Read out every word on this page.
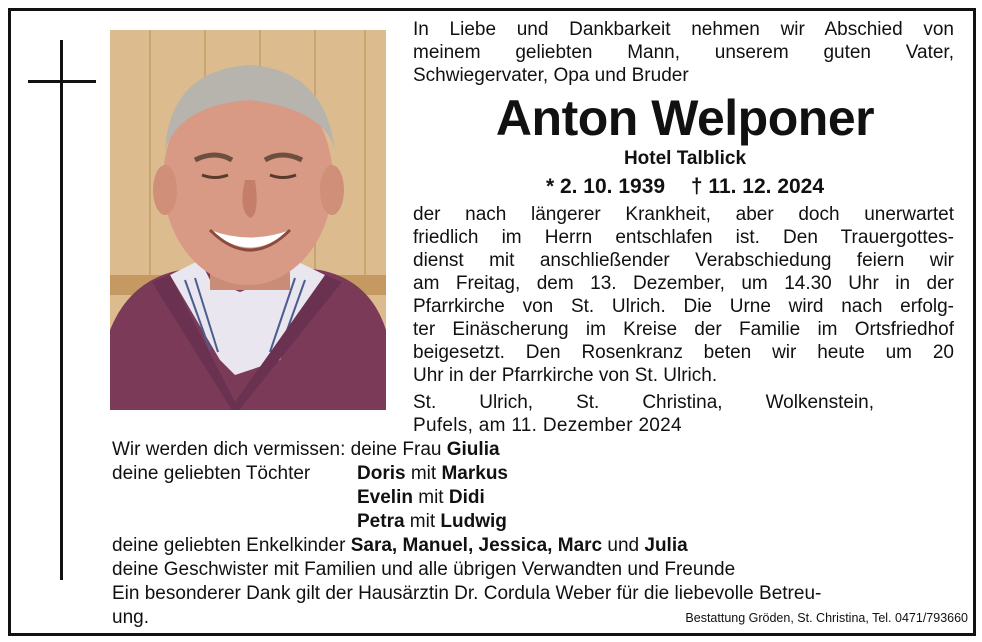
In Liebe und Dankbarkeit nehmen wir Abschied von
meinem geliebten Mann, unserem guten Vater,
Schwiegervater, Opa und Bruder
Anton Welponer
Hotel Talblick
* 2. 10. 1939 † 11. 12. 2024
der nach längerer Krankheit, aber doch unerwartet
friedlich im Herrn entschlafen ist. Den Trauergottes-
dienst mit anschließender Verabschiedung feiern wir
am Freitag, dem 13. Dezember, um 14.30 Uhr in der
Pfarrkirche von St. Ulrich. Die Urne wird nach erfolg-
ter Einäscherung im Kreise der Familie im Ortsfriedhof
beigesetzt. Den Rosenkranz beten wir heute um 20
Uhr in der Pfarrkirche von St. Ulrich.
St. Ulrich, St. Christina, Wolkenstein,
Pufels, am 11. Dezember 2024
Wir werden dich vermissen: deine Frau Giulia
deine geliebten Töchter Doris mit Markus
Evelin mit Didi
Petra mit Ludwig
deine geliebten Enkelkinder Sara, Manuel, Jessica, Marc und Julia
deine Geschwister mit Familien und alle übrigen Verwandten und Freunde
Ein besonderer Dank gilt der Hausärztin Dr. Cordula Weber für die liebevolle Betreu-
ung.	Bestattung Gröden, St. Christina, Tel. 0471/793660
